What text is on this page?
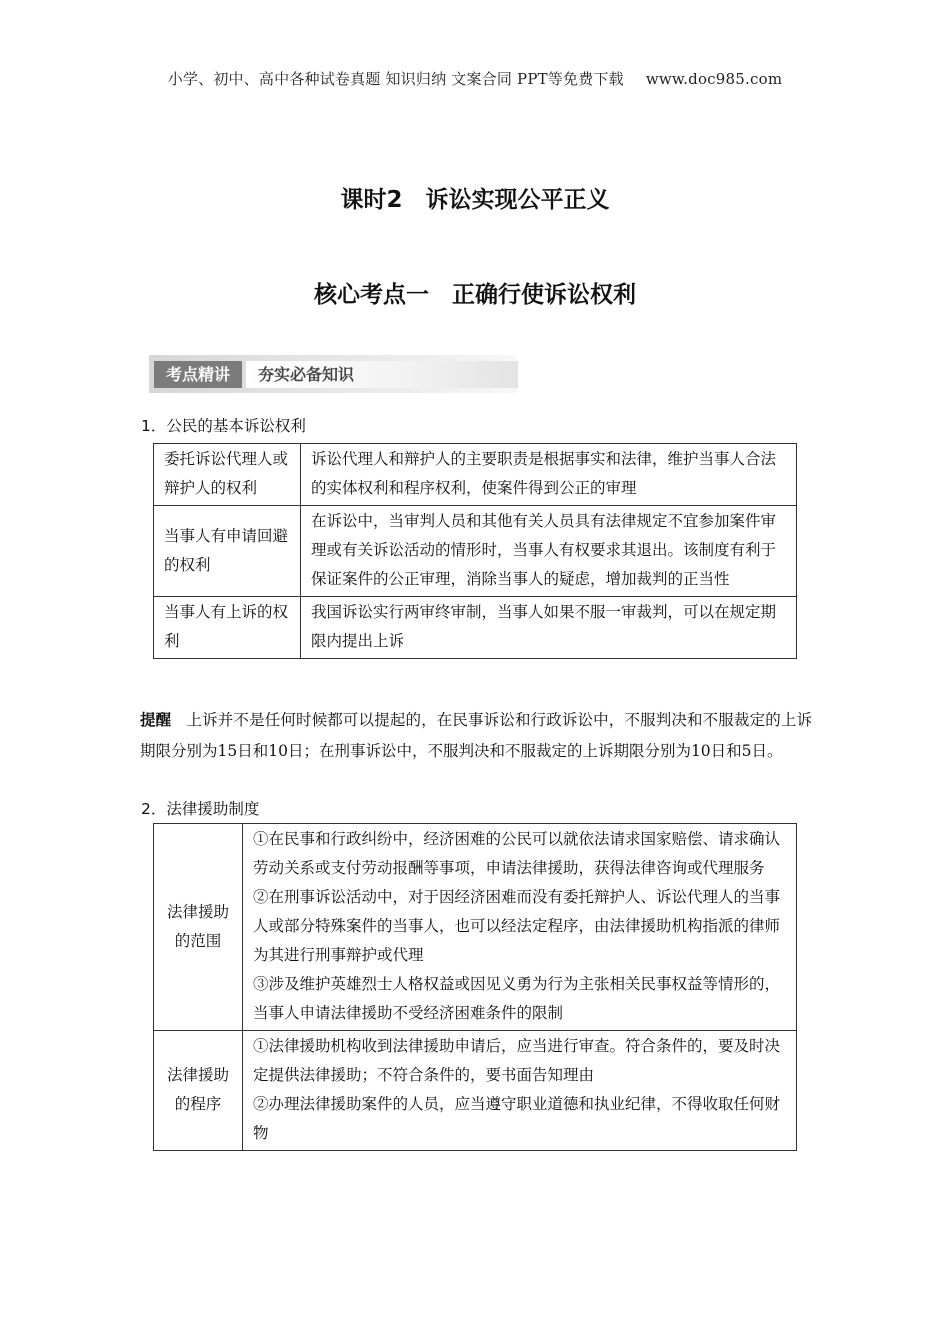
小学、初中、高中各种试卷真题 知识归纳 文案合同 PPT等免费下载 www.doc985.com
课时2　诉讼实现公平正义
核心考点一　正确行使诉讼权利
考点精讲	夯实必备知识
1．公民的基本诉讼权利
委托诉讼代理人或辩护人的权利	诉讼代理人和辩护人的主要职责是根据事实和法律，维护当事人合法的实体权利和程序权利，使案件得到公正的审理
当事人有申请回避的权利	在诉讼中，当审判人员和其他有关人员具有法律规定不宜参加案件审理或有关诉讼活动的情形时，当事人有权要求其退出。该制度有利于保证案件的公正审理，消除当事人的疑虑，增加裁判的正当性
当事人有上诉的权利	我国诉讼实行两审终审制，当事人如果不服一审裁判，可以在规定期限内提出上诉
提醒 上诉并不是任何时候都可以提起的，在民事诉讼和行政诉讼中，不服判决和不服裁定的上诉期限分别为15日和10日；在刑事诉讼中，不服判决和不服裁定的上诉期限分别为10日和5日。
2．法律援助制度
法律援助的范围	①在民事和行政纠纷中，经济困难的公民可以就依法请求国家赔偿、请求确认劳动关系或支付劳动报酬等事项，申请法律援助，获得法律咨询或代理服务
②在刑事诉讼活动中，对于因经济困难而没有委托辩护人、诉讼代理人的当事人或部分特殊案件的当事人，也可以经法定程序，由法律援助机构指派的律师为其进行刑事辩护或代理
③涉及维护英雄烈士人格权益或因见义勇为行为主张相关民事权益等情形的，当事人申请法律援助不受经济困难条件的限制

法律援助的程序	①法律援助机构收到法律援助申请后，应当进行审查。符合条件的，要及时决定提供法律援助；不符合条件的，要书面告知理由
②办理法律援助案件的人员，应当遵守职业道德和执业纪律，不得收取任何财物
